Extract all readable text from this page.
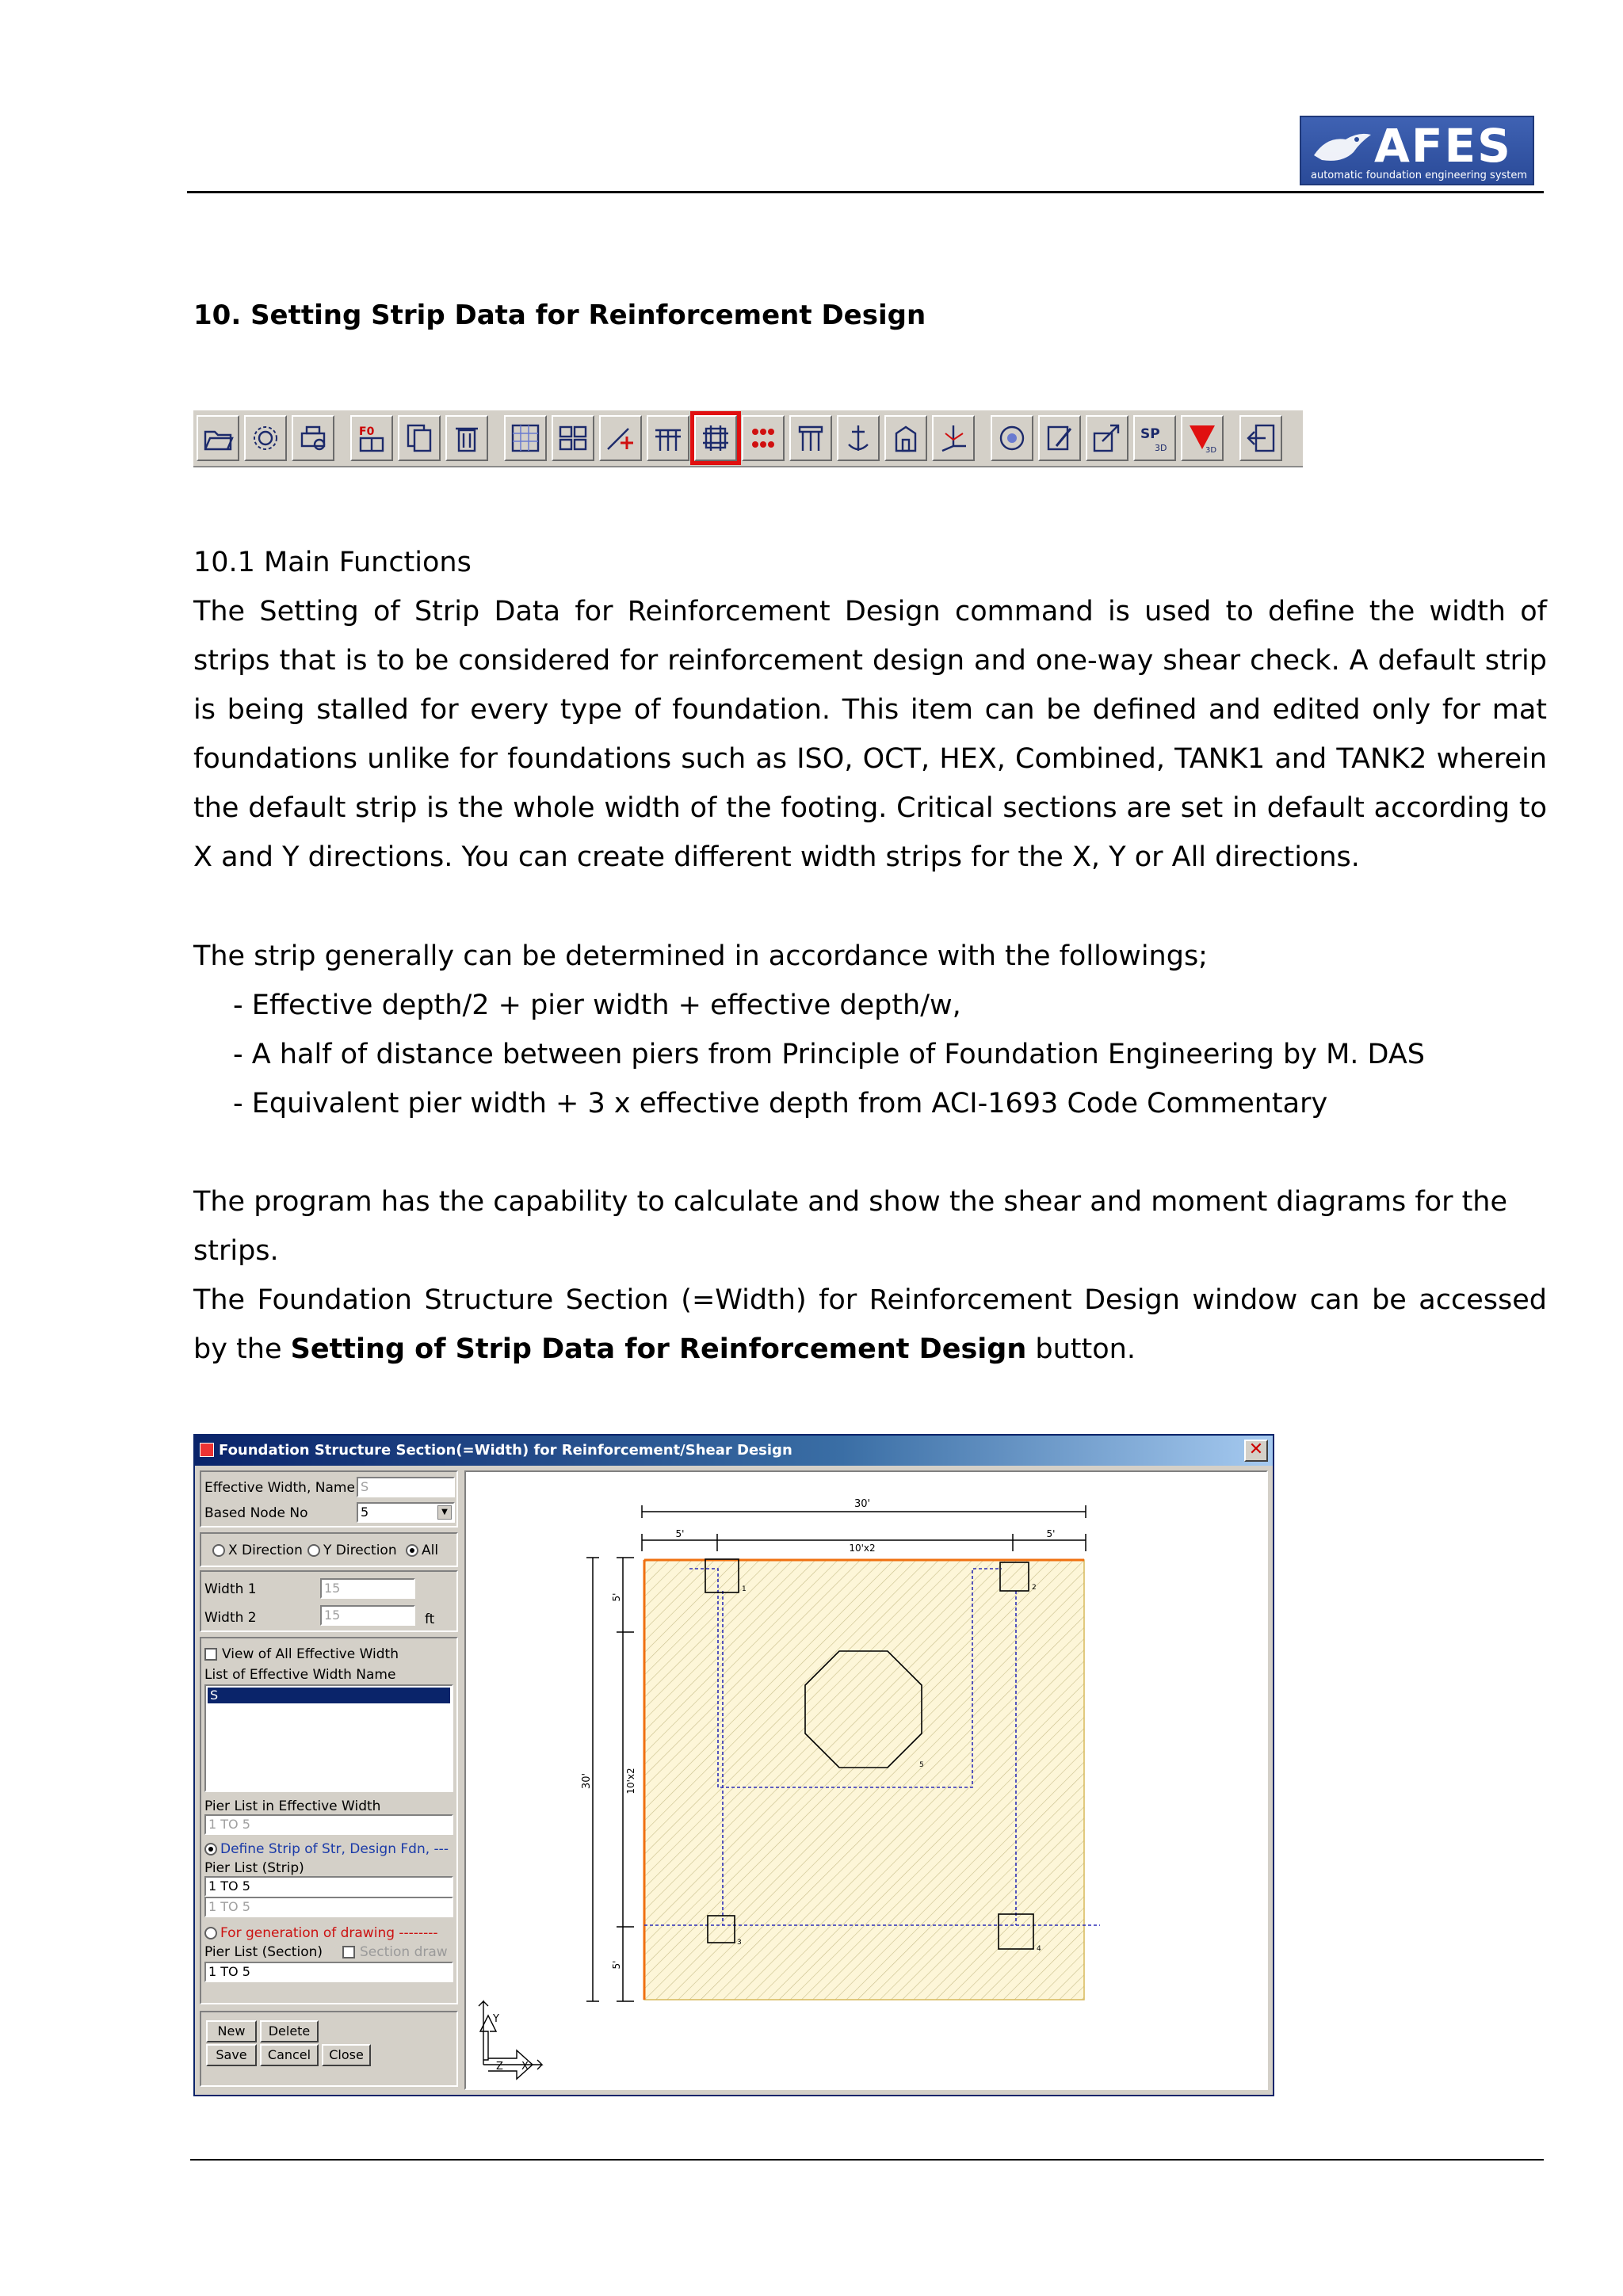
AFES
automatic foundation engineering system
10. Setting Strip Data for Reinforcement Design
F0	SP
3D	3D
10.1 Main Functions
The Setting of Strip Data for Reinforcement Design command is used to define the width of strips that is to be considered for reinforcement design and one-way shear check. A default strip is being stalled for every type of foundation. This item can be defined and edited only for mat foundations unlike for foundations such as ISO, OCT, HEX, Combined, TANK1 and TANK2 wherein the default strip is the whole width of the footing. Critical sections are set in default according to X and Y directions. You can create different width strips for the X, Y or All directions.
The strip generally can be determined in accordance with the followings;
- Effective depth/2 + pier width + effective depth/w,
- A half of distance between piers from Principle of Foundation Engineering by M. DAS
- Equivalent pier width + 3 x effective depth from ACI-1693 Code Commentary
The program has the capability to calculate and show the shear and moment diagrams for the strips.
The Foundation Structure Section (=Width) for Reinforcement Design window can be accessed by the Setting of Strip Data for Reinforcement Design button.
Foundation Structure Section(=Width) for Reinforcement/Shear Design	✕
Effective Width, Name S
Based Node No	5	▼
X Direction	Y Direction	All
Width 1	15
Width 2	15	ft
View of All Effective Width
List of Effective Width Name
S
Pier List in Effective Width
1 TO 5
Define Strip of Str, Design Fdn, ---
Pier List (Strip)
1 TO 5
1 TO 5
For generation of drawing --------
Pier List (Section)	Section draw
1 TO 5
New	Delete
Save	Cancel	Close
30'
5'
10'x2
5'
30'
5'
10'x2
5'
1	2
3
4
5
Y
X
Z
